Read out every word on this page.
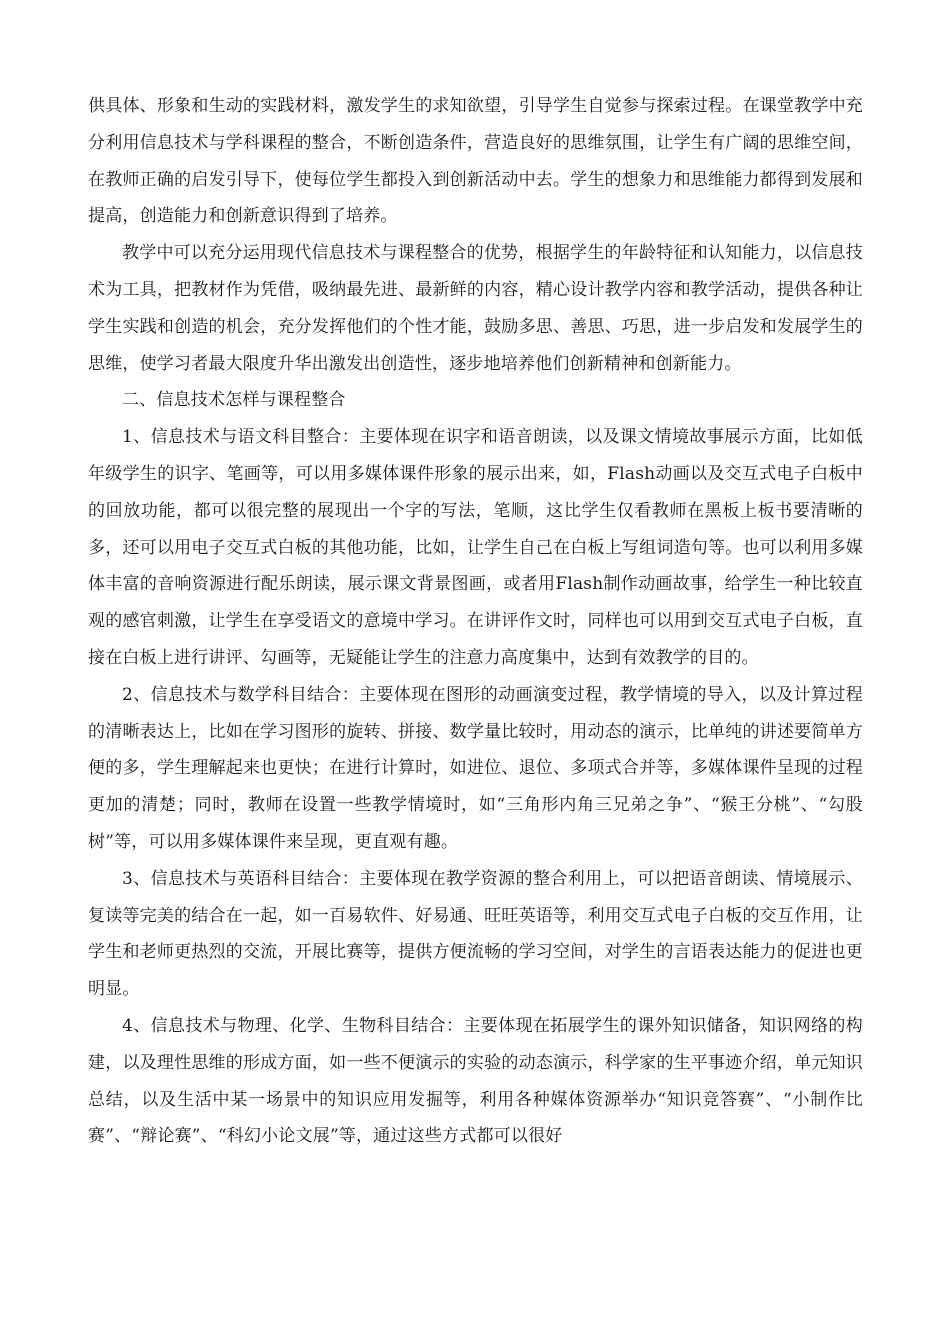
供具体、形象和生动的实践材料，激发学生的求知欲望，引导学生自觉参与探索过程。在课堂教学中充分利用信息技术与学科课程的整合，不断创造条件，营造良好的思维氛围，让学生有广阔的思维空间，在教师正确的启发引导下，使每位学生都投入到创新活动中去。学生的想象力和思维能力都得到发展和提高，创造能力和创新意识得到了培养。

教学中可以充分运用现代信息技术与课程整合的优势，根据学生的年龄特征和认知能力，以信息技术为工具，把教材作为凭借，吸纳最先进、最新鲜的内容，精心设计教学内容和教学活动，提供各种让学生实践和创造的机会，充分发挥他们的个性才能，鼓励多思、善思、巧思，进一步启发和发展学生的思维，使学习者最大限度升华出激发出创造性，逐步地培养他们创新精神和创新能力。

二、信息技术怎样与课程整合

1、信息技术与语文科目整合：主要体现在识字和语音朗读，以及课文情境故事展示方面，比如低年级学生的识字、笔画等，可以用多媒体课件形象的展示出来，如，Flash动画以及交互式电子白板中的回放功能，都可以很完整的展现出一个字的写法，笔顺，这比学生仅看教师在黑板上板书要清晰的多，还可以用电子交互式白板的其他功能，比如，让学生自己在白板上写组词造句等。也可以利用多媒体丰富的音响资源进行配乐朗读，展示课文背景图画，或者用Flash制作动画故事，给学生一种比较直观的感官刺激，让学生在享受语文的意境中学习。在讲评作文时，同样也可以用到交互式电子白板，直接在白板上进行讲评、勾画等，无疑能让学生的注意力高度集中，达到有效教学的目的。

2、信息技术与数学科目结合：主要体现在图形的动画演变过程，教学情境的导入，以及计算过程的清晰表达上，比如在学习图形的旋转、拼接、数学量比较时，用动态的演示，比单纯的讲述要简单方便的多，学生理解起来也更快；在进行计算时，如进位、退位、多项式合并等，多媒体课件呈现的过程更加的清楚；同时，教师在设置一些教学情境时，如“三角形内角三兄弟之争”、“猴王分桃”、“勾股树”等，可以用多媒体课件来呈现，更直观有趣。

3、信息技术与英语科目结合：主要体现在教学资源的整合利用上，可以把语音朗读、情境展示、复读等完美的结合在一起，如一百易软件、好易通、旺旺英语等，利用交互式电子白板的交互作用，让学生和老师更热烈的交流，开展比赛等，提供方便流畅的学习空间，对学生的言语表达能力的促进也更明显。

4、信息技术与物理、化学、生物科目结合：主要体现在拓展学生的课外知识储备，知识网络的构建，以及理性思维的形成方面，如一些不便演示的实验的动态演示，科学家的生平事迹介绍，单元知识总结，以及生活中某一场景中的知识应用发掘等，利用各种媒体资源举办“知识竞答赛”、“小制作比赛”、“辩论赛”、“科幻小论文展”等，通过这些方式都可以很好
